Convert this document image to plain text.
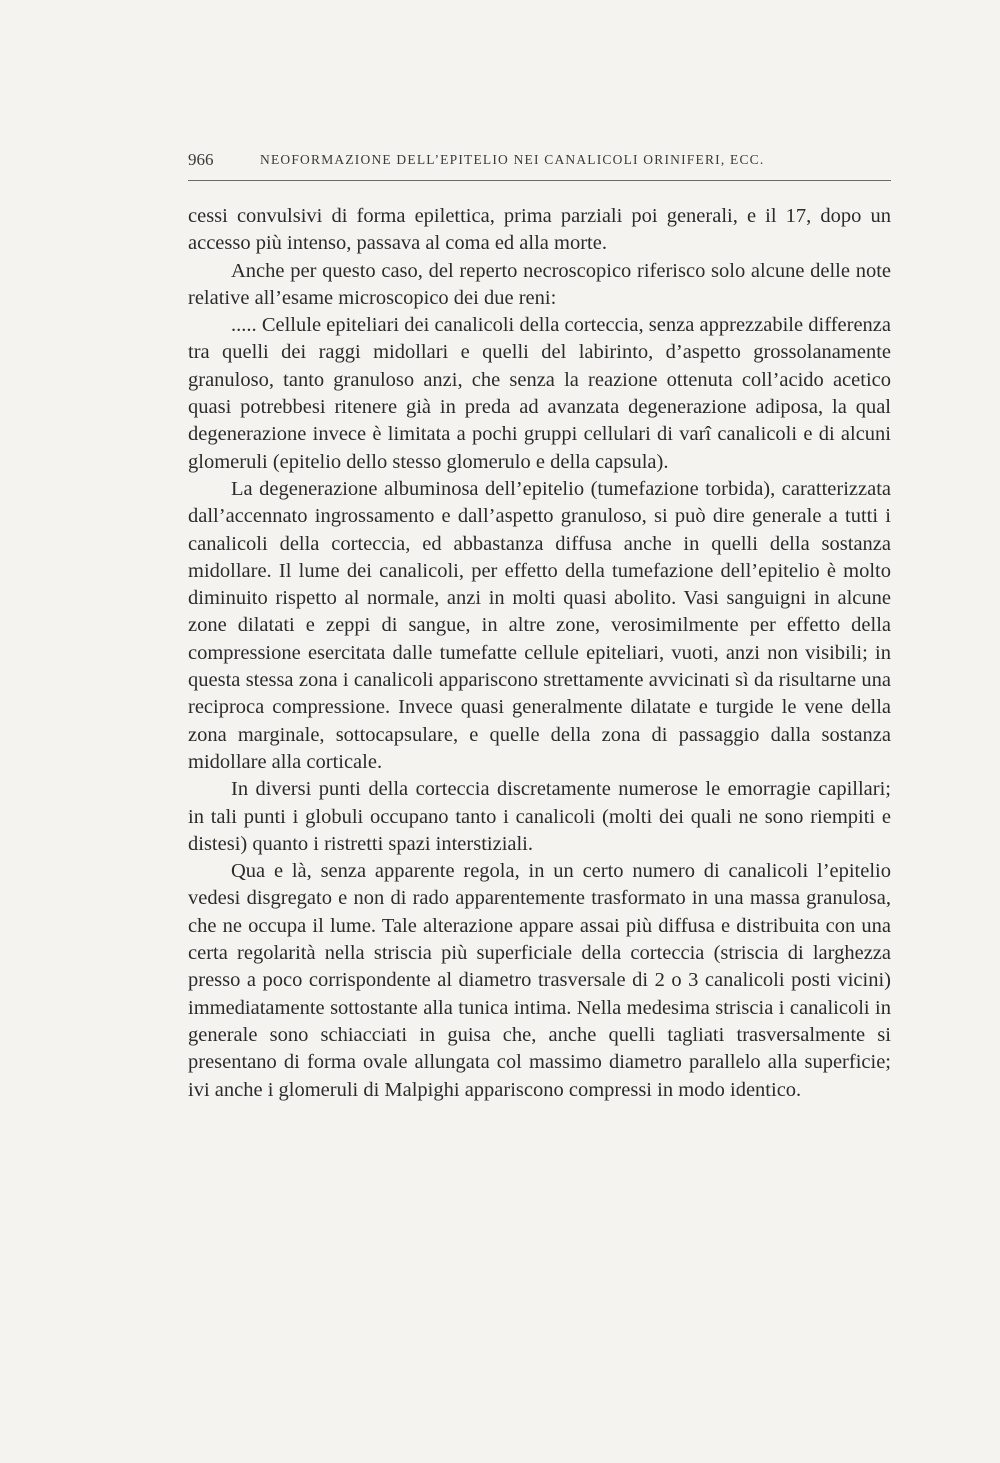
966	NEOFORMAZIONE DELL’EPITELIO NEI CANALICOLI ORINIFERI, ECC.

cessi convulsivi di forma epilettica, prima parziali poi generali, e il 17, dopo un accesso più intenso, passava al coma ed alla morte.

Anche per questo caso, del reperto necroscopico riferisco solo alcune delle note relative all’esame microscopico dei due reni:

..... Cellule epiteliari dei canalicoli della corteccia, senza apprezzabile differenza tra quelli dei raggi midollari e quelli del labirinto, d’aspetto grossolanamente granuloso, tanto granuloso anzi, che senza la reazione ottenuta coll’acido acetico quasi potrebbesi ritenere già in preda ad avanzata degenerazione adiposa, la qual degenerazione invece è limitata a pochi gruppi cellulari di varî canalicoli e di alcuni glomeruli (epitelio dello stesso glomerulo e della capsula).

La degenerazione albuminosa dell’epitelio (tumefazione torbida), caratterizzata dall’accennato ingrossamento e dall’aspetto granuloso, si può dire generale a tutti i canalicoli della corteccia, ed abbastanza diffusa anche in quelli della sostanza midollare. Il lume dei canalicoli, per effetto della tumefazione dell’epitelio è molto diminuito rispetto al normale, anzi in molti quasi abolito. Vasi sanguigni in alcune zone dilatati e zeppi di sangue, in altre zone, verosimilmente per effetto della compressione esercitata dalle tumefatte cellule epiteliari, vuoti, anzi non visibili; in questa stessa zona i canalicoli appariscono strettamente avvicinati sì da risultarne una reciproca compressione. Invece quasi generalmente dilatate e turgide le vene della zona marginale, sottocapsulare, e quelle della zona di passaggio dalla sostanza midollare alla corticale.

In diversi punti della corteccia discretamente numerose le emorragie capillari; in tali punti i globuli occupano tanto i canalicoli (molti dei quali ne sono riempiti e distesi) quanto i ristretti spazi interstiziali.

Qua e là, senza apparente regola, in un certo numero di canalicoli l’epitelio vedesi disgregato e non di rado apparentemente trasformato in una massa granulosa, che ne occupa il lume. Tale alterazione appare assai più diffusa e distribuita con una certa regolarità nella striscia più superficiale della corteccia (striscia di larghezza presso a poco corrispondente al diametro trasversale di 2 o 3 canalicoli posti vicini) immediatamente sottostante alla tunica intima. Nella medesima striscia i canalicoli in generale sono schiacciati in guisa che, anche quelli tagliati trasversalmente si presentano di forma ovale allungata col massimo diametro parallelo alla superficie; ivi anche i glomeruli di Malpighi appariscono compressi in modo identico.
